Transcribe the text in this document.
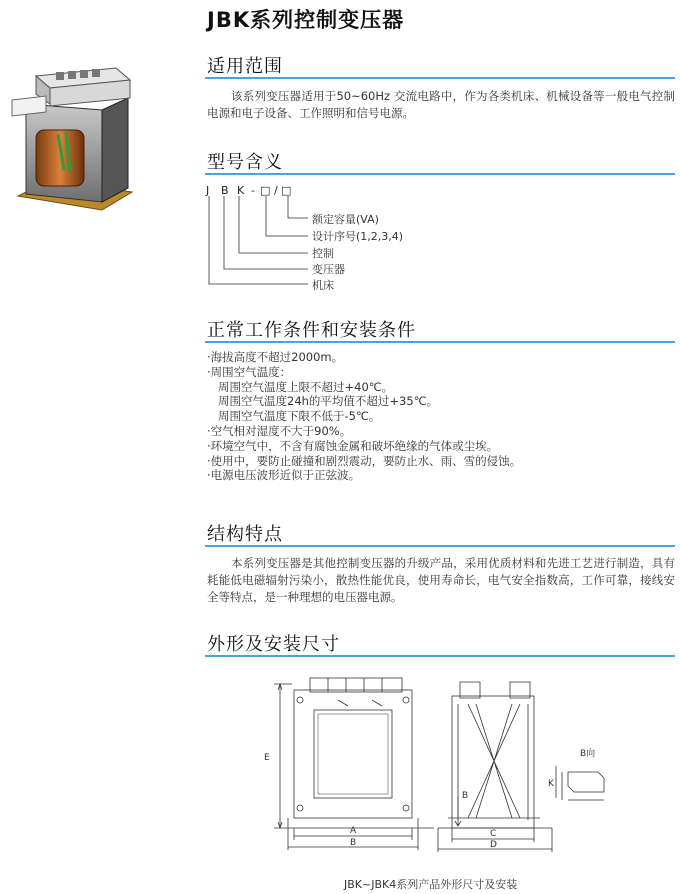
JBK系列控制变压器
适用范围
该系列变压器适用于50~60Hz 交流电路中，作为各类机床、机械设备等一般电气控制电源和电子设备、工作照明和信号电源。
型号含义
J B K - □ / □
额定容量(VA)
设计序号(1,2,3,4)
控制
变压器
机床
正常工作条件和安装条件
·海拔高度不超过2000m。
·周围空气温度：
周围空气温度上限不超过+40℃。
周围空气温度24h的平均值不超过+35℃。
周围空气温度下限不低于-5℃。
·空气相对湿度不大于90%。
·环境空气中，不含有腐蚀金属和破坏绝缘的气体或尘埃。
·使用中，要防止碰撞和剧烈震动，要防止水、雨、雪的侵蚀。
·电源电压波形近似于正弦波。
结构特点
本系列变压器是其他控制变压器的升级产品，采用优质材料和先进工艺进行制造，具有耗能低电磁辐射污染小，散热性能优良，使用寿命长，电气安全指数高，工作可靠，接线安全等特点，是一种理想的电压器电源。
外形及安装尺寸
E
A
B
C
D
B
K
B向
JBK~JBK4系列产品外形尺寸及安装
